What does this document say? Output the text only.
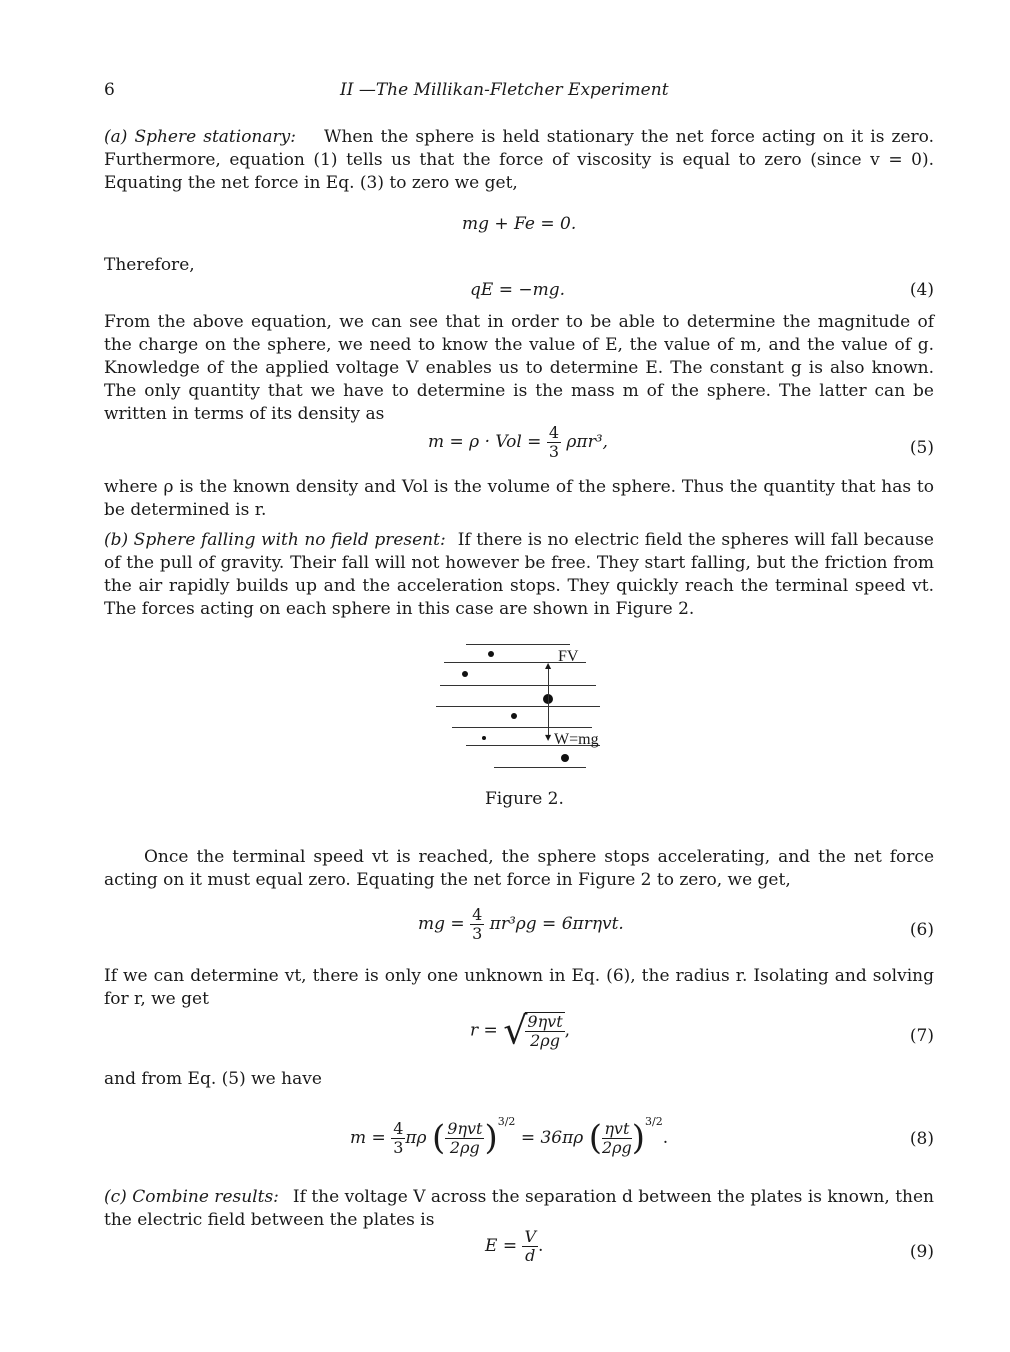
6	II —The Millikan-Fletcher Experiment
(a) Sphere stationary: When the sphere is held stationary the net force acting on it is zero. Furthermore, equation (1) tells us that the force of viscosity is equal to zero (since v = 0). Equating the net force in Eq. (3) to zero we get,
mg + Fe = 0.
Therefore,
qE = −mg.	(4)
From the above equation, we can see that in order to be able to determine the magnitude of the charge on the sphere, we need to know the value of E, the value of m, and the value of g. Knowledge of the applied voltage V enables us to determine E. The constant g is also known. The only quantity that we have to determine is the mass m of the sphere. The latter can be written in terms of its density as
m = ρ · Vol = $\frac{4}{3} \rho\pi r^3$,	(5)
where ρ is the known density and Vol is the volume of the sphere. Thus the quantity that has to be determined is r.
(b) Sphere falling with no field present: If there is no electric field the spheres will fall because of the pull of gravity. Their fall will not however be free. They start falling, but the friction from the air rapidly builds up and the acceleration stops. They quickly reach the terminal speed vt. The forces acting on each sphere in this case are shown in Figure 2.
▲
▼
FV
W=mg
Figure 2.
Once the terminal speed vt is reached, the sphere stops accelerating, and the net force acting on it must equal zero. Equating the net force in Figure 2 to zero, we get,
mg = $\frac{4}{3} \pi r^3\rho g = 6\pi r\eta vt$.	(6)
If we can determine vt, there is only one unknown in Eq. (6), the radius r. Isolating and solving for r, we get
r = √
$\frac{\text{9ηvt}}{2\rho g}$ ,	(7)
and from Eq. (5) we have
$m = \frac{4}{3}$ πρ ( $\frac{\text{9ηvt}}{2\rho g} )^{3/2} = 36\pi\rho$ ( $\frac{\text{ηvt}}{2\rho g} )^{3/2}$.	(8)
(c) Combine results: If the voltage V across the separation d between the plates is known, then the electric field between the plates is
$E = \frac{V}{d}$ .	(9)
